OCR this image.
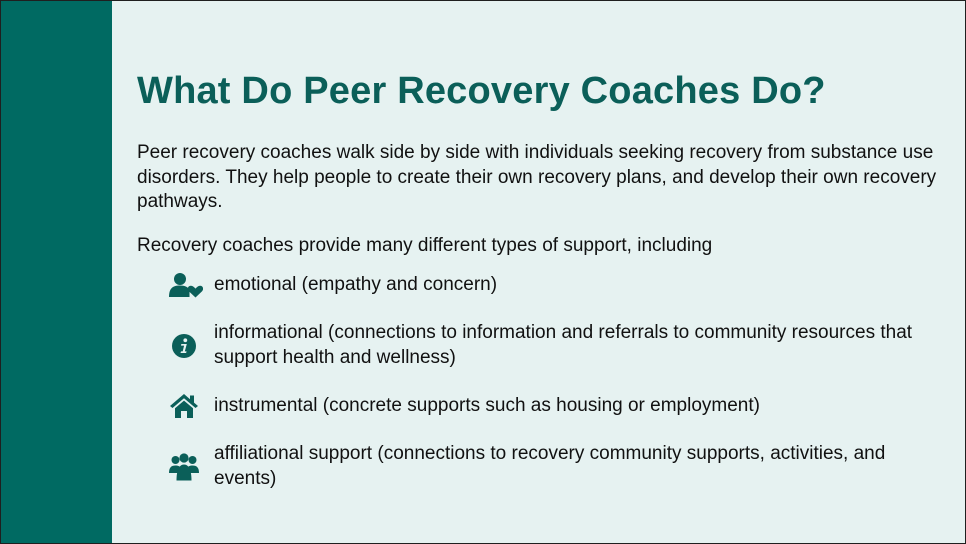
What Do Peer Recovery Coaches Do?

Peer recovery coaches walk side by side with individuals seeking recovery from substance use disorders. They help people to create their own recovery plans, and develop their own recovery pathways.

Recovery coaches provide many different types of support, including

emotional (empathy and concern)
informational (connections to information and referrals to community resources that support health and wellness)
instrumental (concrete supports such as housing or employment)
affiliational support (connections to recovery community supports, activities, and events)
